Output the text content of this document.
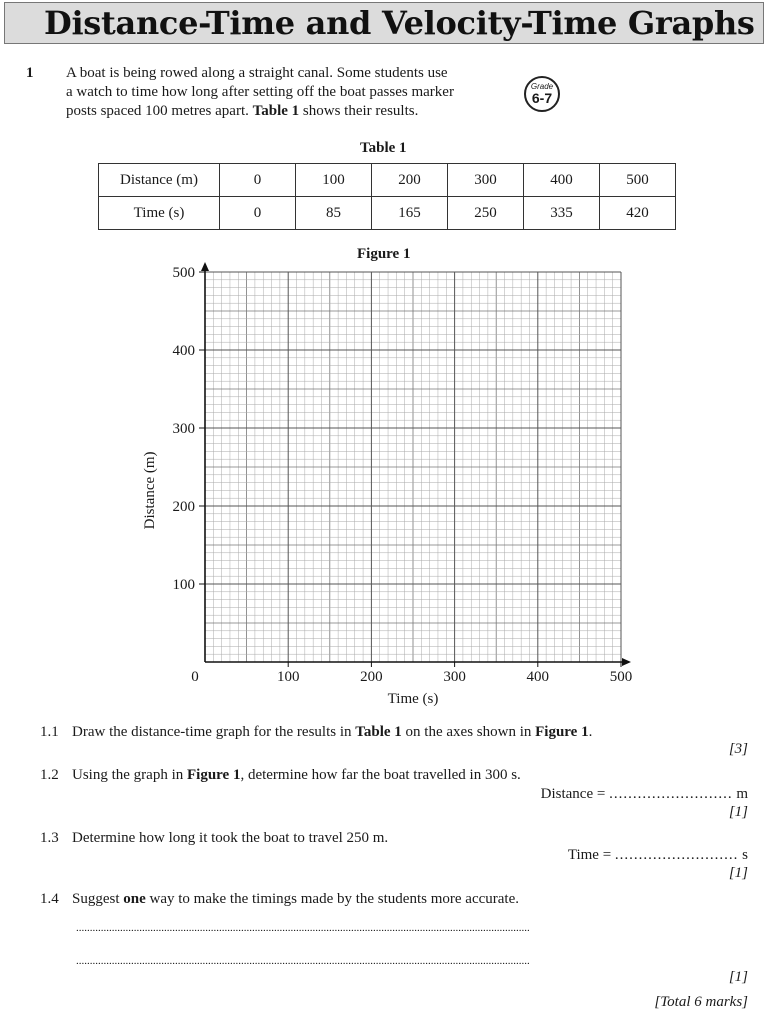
Distance-Time and Velocity-Time Graphs
1 A boat is being rowed along a straight canal. Some students use
a watch to time how long after setting off the boat passes marker
posts spaced 100 metres apart. Table 1 shows their results.
Grade
6-7
Table 1
Distance (m)	0	100	200	300	400	500
Time (s)	0	85	165	250	335	420
Figure 1
0	100	200	300	400	500
100
200
300
400
500
Time (s)
Distance (m)
1.1 Draw the distance-time graph for the results in Table 1 on the axes shown in Figure 1.
[3]
1.2 Using the graph in Figure 1, determine how far the boat travelled in 300 s.
Distance = .......................... m
[1]
1.3 Determine how long it took the boat to travel 250 m.
Time = .......................... s
[1]
1.4 Suggest one way to make the timings made by the students more accurate.
.....................................................................................................................................................................
.....................................................................................................................................................................
[1]
[Total 6 marks]
